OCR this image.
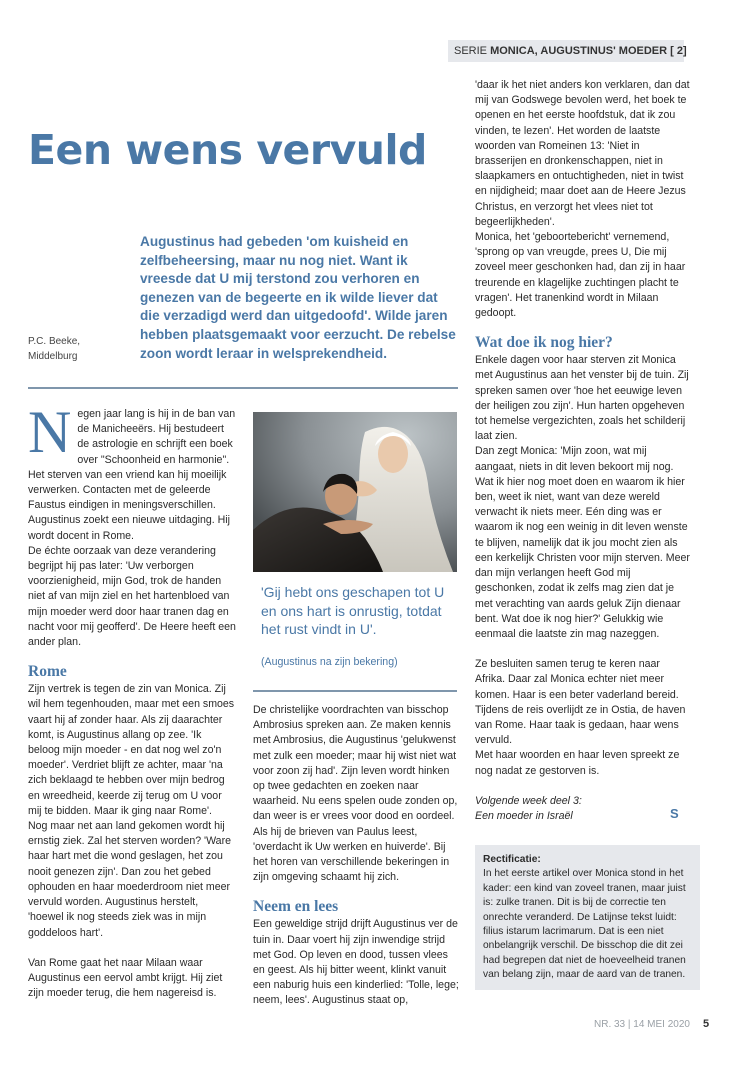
SERIE MONICA, AUGUSTINUS' MOEDER [ 2]
Een wens vervuld

Augustinus had gebeden 'om kuisheid en zelfbeheersing, maar nu nog niet. Want ik vreesde dat U mij terstond zou verhoren en genezen van de begeerte en ik wilde liever dat die verzadigd werd dan uitgedoofd'. Wilde jaren hebben plaatsgemaakt voor eerzucht. De rebelse zoon wordt leraar in welsprekendheid.

P.C. Beeke,
Middelburg
N egen jaar lang is hij in de ban van de Manicheeërs. Hij bestudeert de astrologie en schrijft een boek over "Schoonheid en harmonie". Het sterven van een vriend kan hij moeilijk verwerken. Contacten met de geleerde Faustus eindigen in meningsverschillen. Augustinus zoekt een nieuwe uitdaging. Hij wordt docent in Rome.

De échte oorzaak van deze verandering begrijpt hij pas later: 'Uw verborgen voorzienigheid, mijn God, trok de handen niet af van mijn ziel en het hartenbloed van mijn moeder werd door haar tranen dag en nacht voor mij geofferd'. De Heere heeft een ander plan.

Rome

Zijn vertrek is tegen de zin van Monica. Zij wil hem tegenhouden, maar met een smoes vaart hij af zonder haar. Als zij daarachter komt, is Augustinus allang op zee. 'Ik beloog mijn moeder - en dat nog wel zo'n moeder'. Verdriet blijft ze achter, maar 'na zich beklaagd te hebben over mijn bedrog en wreedheid, keerde zij terug om U voor mij te bidden. Maar ik ging naar Rome'.

Nog maar net aan land gekomen wordt hij ernstig ziek. Zal het sterven worden? 'Ware haar hart met die wond geslagen, het zou nooit genezen zijn'. Dan zou het gebed ophouden en haar moederdroom niet meer vervuld worden. Augustinus herstelt, 'hoewel ik nog steeds ziek was in mijn goddeloos hart'.

Van Rome gaat het naar Milaan waar Augustinus een eervol ambt krijgt. Hij ziet zijn moeder terug, die hem nagereisd is.

'Gij hebt ons geschapen tot U en ons hart is onrustig, totdat het rust vindt in U'.

(Augustinus na zijn bekering)

De christelijke voordrachten van bisschop Ambrosius spreken aan. Ze maken kennis met Ambrosius, die Augustinus 'gelukwenst met zulk een moeder; maar hij wist niet wat voor zoon zij had'. Zijn leven wordt hinken op twee gedachten en zoeken naar waarheid. Nu eens spelen oude zonden op, dan weer is er vrees voor dood en oordeel. Als hij de brieven van Paulus leest, 'overdacht ik Uw werken en huiverde'. Bij het horen van verschillende bekeringen in zijn omgeving schaamt hij zich.

Neem en lees

Een geweldige strijd drijft Augustinus ver de tuin in. Daar voert hij zijn inwendige strijd met God. Op leven en dood, tussen vlees en geest. Als hij bitter weent, klinkt vanuit een naburig huis een kinderlied: 'Tolle, lege; neem, lees'. Augustinus staat op,

'daar ik het niet anders kon verklaren, dan dat mij van Godswege bevolen werd, het boek te openen en het eerste hoofdstuk, dat ik zou vinden, te lezen'. Het worden de laatste woorden van Romeinen 13: 'Niet in brasserijen en dronkenschappen, niet in slaapkamers en ontuchtigheden, niet in twist en nijdigheid; maar doet aan de Heere Jezus Christus, en verzorgt het vlees niet tot begeerlijkheden'.

Monica, het 'geboortebericht' vernemend, 'sprong op van vreugde, prees U, Die mij zoveel meer geschonken had, dan zij in haar treurende en klagelijke zuchtingen placht te vragen'. Het tranenkind wordt in Milaan gedoopt.

Wat doe ik nog hier?

Enkele dagen voor haar sterven zit Monica met Augustinus aan het venster bij de tuin. Zij spreken samen over 'hoe het eeuwige leven der heiligen zou zijn'. Hun harten opgeheven tot hemelse vergezichten, zoals het schilderij laat zien.

Dan zegt Monica: 'Mijn zoon, wat mij aangaat, niets in dit leven bekoort mij nog. Wat ik hier nog moet doen en waarom ik hier ben, weet ik niet, want van deze wereld verwacht ik niets meer. Eén ding was er waarom ik nog een weinig in dit leven wenste te blijven, namelijk dat ik jou mocht zien als een kerkelijk Christen voor mijn sterven. Meer dan mijn verlangen heeft God mij geschonken, zodat ik zelfs mag zien dat je met verachting van aards geluk Zijn dienaar bent. Wat doe ik nog hier?' Gelukkig wie eenmaal die laatste zin mag nazeggen.

Ze besluiten samen terug te keren naar Afrika. Daar zal Monica echter niet meer komen. Haar is een beter vaderland bereid. Tijdens de reis overlijdt ze in Ostia, de haven van Rome. Haar taak is gedaan, haar wens vervuld.

Met haar woorden en haar leven spreekt ze nog nadat ze gestorven is.

Volgende week deel 3:

Een moeder in Israël	S

Rectificatie:

In het eerste artikel over Monica stond in het kader: een kind van zoveel tranen, maar juist is: zulke tranen. Dit is bij de correctie ten onrechte veranderd. De Latijnse tekst luidt: filius istarum lacrimarum. Dat is een niet onbelangrijk verschil. De bisschop die dit zei had begrepen dat niet de hoeveelheid tranen van belang zijn, maar de aard van de tranen.

NR. 33 | 14 MEI 2020 5
